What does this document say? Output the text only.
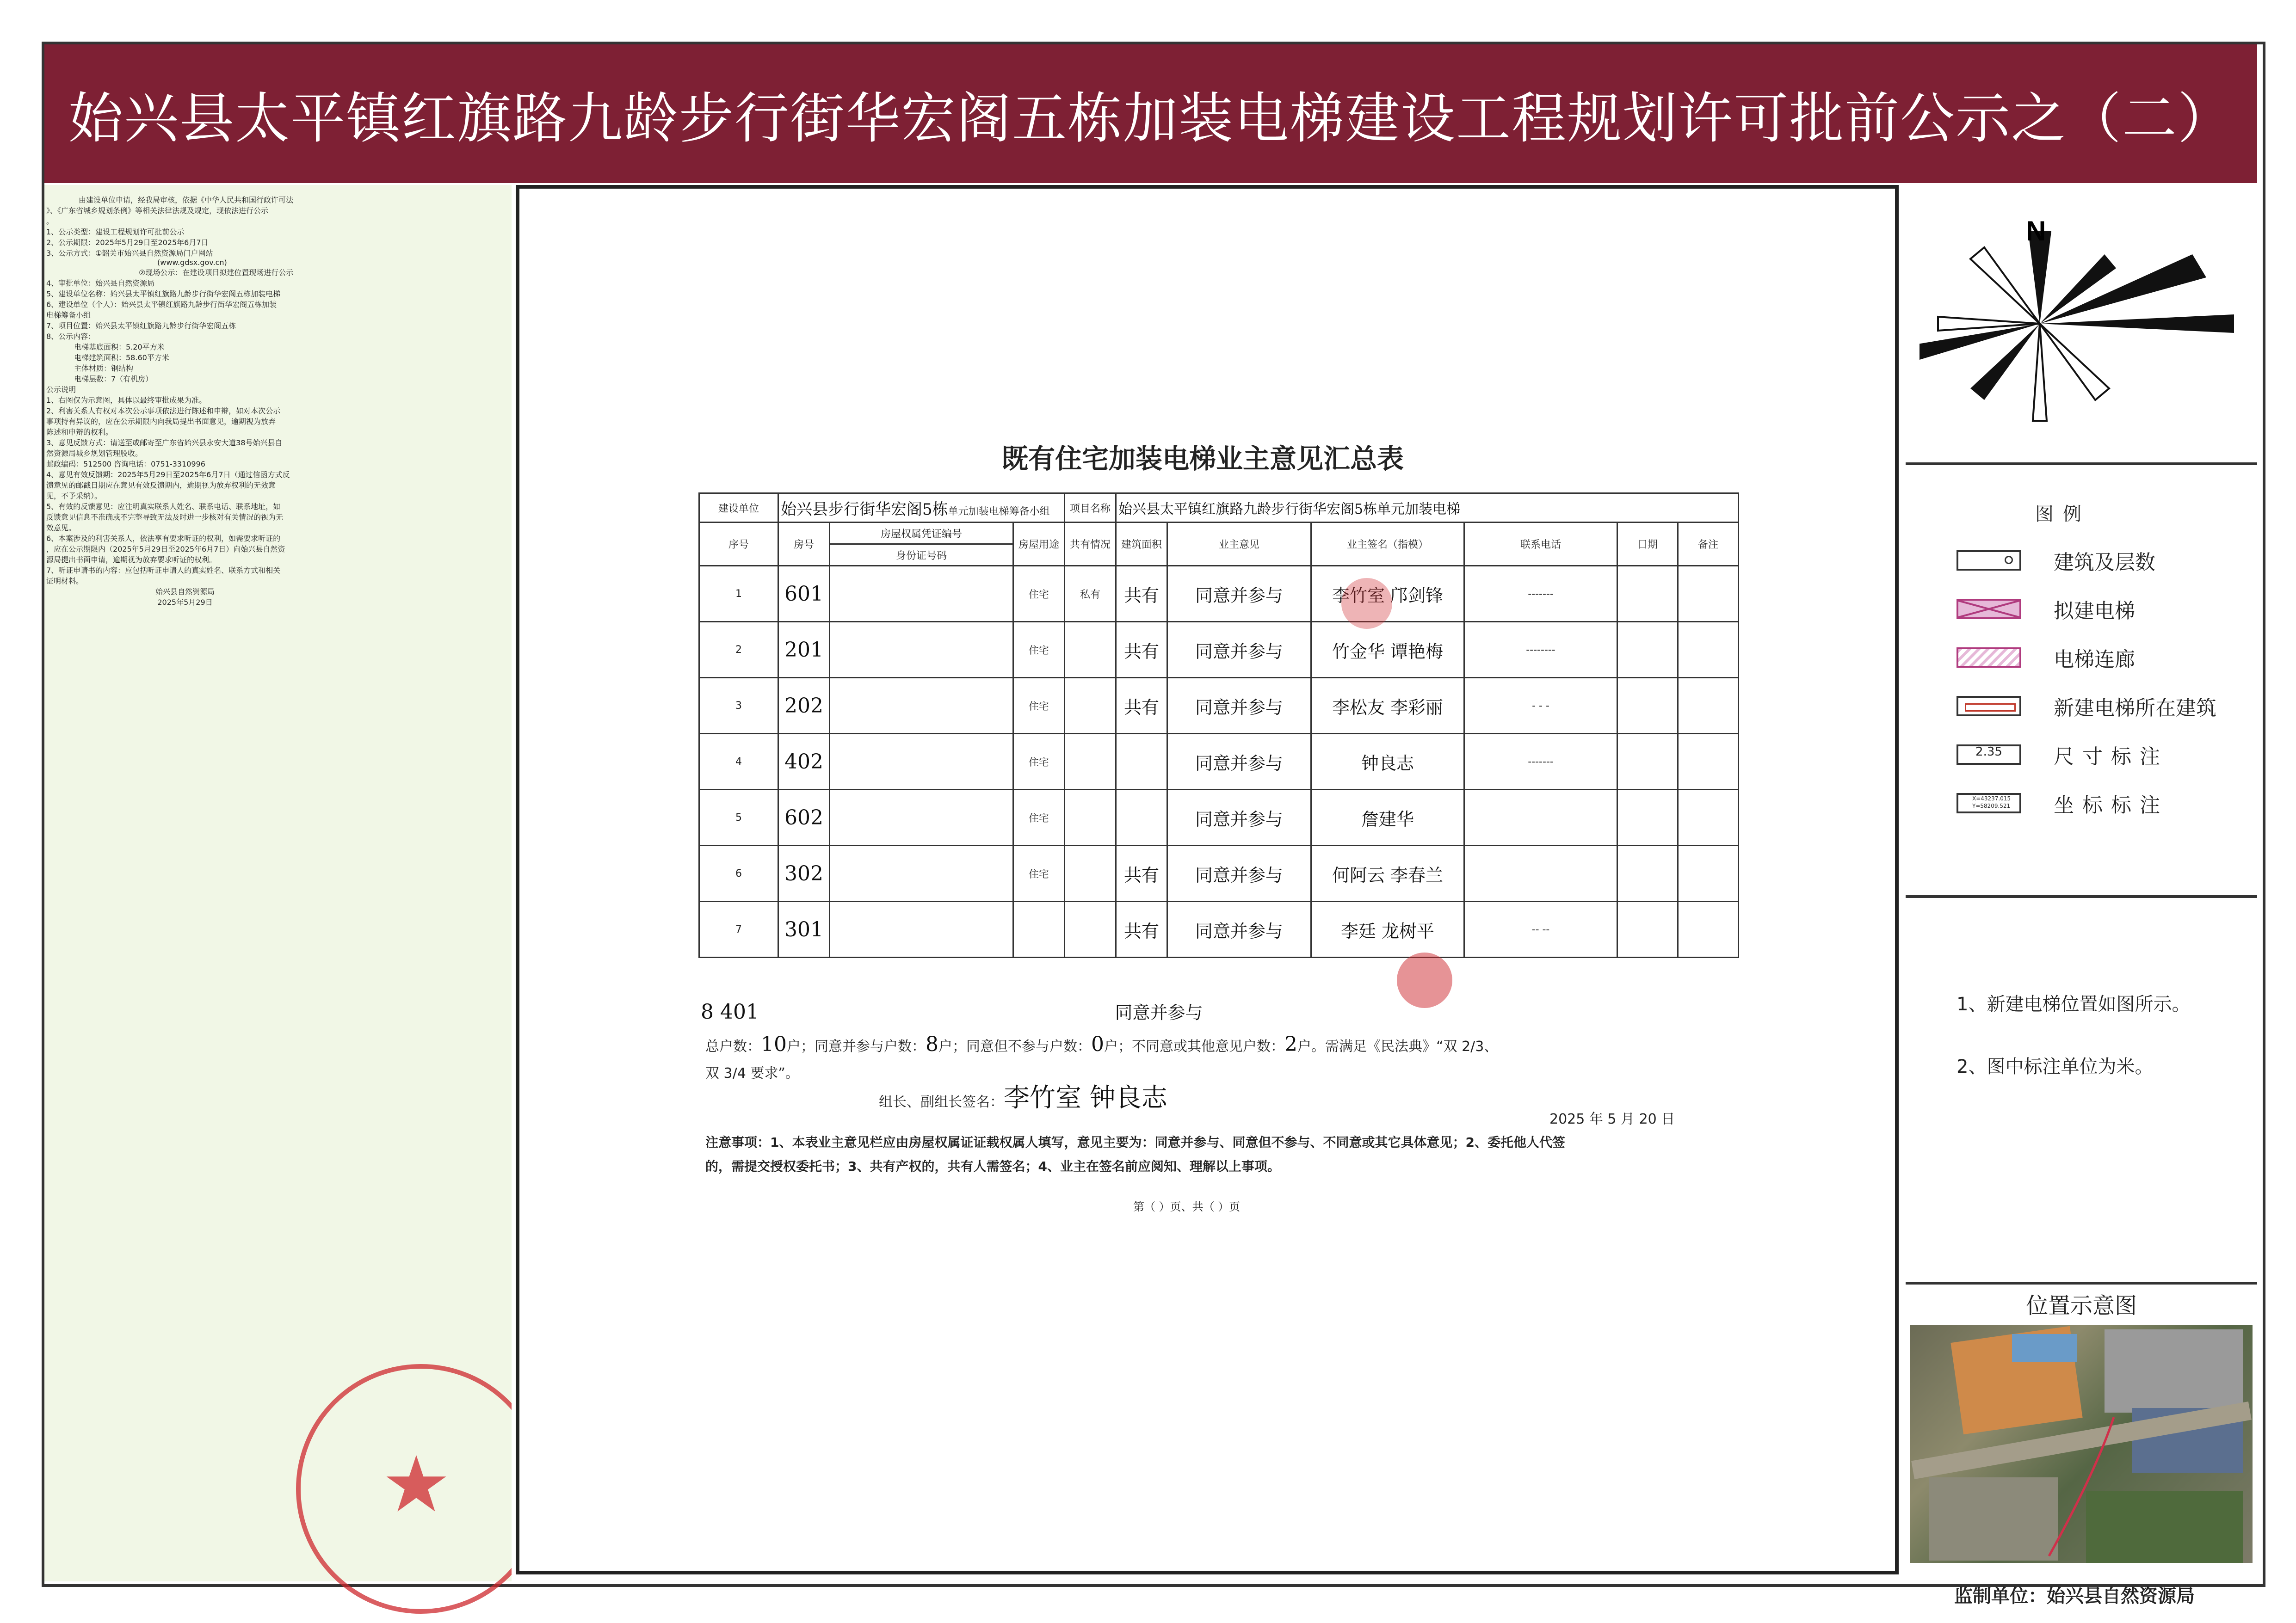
始兴县太平镇红旗路九龄步行街华宏阁五栋加装电梯建设工程规划许可批前公示之（二）
由建设单位申请，经我局审核，依据《中华人民共和国行政许可法
》、《广东省城乡规划条例》等相关法律法规及规定，现依法进行公示
。
1、公示类型：建设工程规划许可批前公示
2、公示期限：2025年5月29日至2025年6月7日
3、公示方式：①韶关市始兴县自然资源局门户网站
(www.gdsx.gov.cn)
②现场公示：在建设项目拟建位置现场进行公示
4、审批单位：始兴县自然资源局
5、建设单位名称：始兴县太平镇红旗路九龄步行街华宏阁五栋加装电梯
6、建设单位（个人）：始兴县太平镇红旗路九龄步行街华宏阁五栋加装
电梯筹备小组
7、项目位置：始兴县太平镇红旗路九龄步行街华宏阁五栋
8、公示内容：
电梯基底面积：5.20平方米
电梯建筑面积：58.60平方米
主体材质：钢结构
电梯层数：7（有机房）
公示说明
1、右图仅为示意图，具体以最终审批成果为准。
2、利害关系人有权对本次公示事项依法进行陈述和申辩，如对本次公示
事项持有异议的，应在公示期限内向我局提出书面意见，逾期视为放弃
陈述和申辩的权利。
3、意见反馈方式：请送至或邮寄至广东省始兴县永安大道38号始兴县自
然资源局城乡规划管理股收。
邮政编码：512500 咨询电话：0751-3310996
4、意见有效反馈期：2025年5月29日至2025年6月7日（通过信函方式反
馈意见的邮戳日期应在意见有效反馈期内，逾期视为放弃权利的无效意
见，不予采纳）。
5、有效的反馈意见：应注明真实联系人姓名、联系电话、联系地址，如
反馈意见信息不准确或不完整导致无法及时进一步核对有关情况的视为无
效意见。
6、本案涉及的利害关系人，依法享有要求听证的权利，如需要求听证的
，应在公示期限内（2025年5月29日至2025年6月7日）向始兴县自然资
源局提出书面申请，逾期视为放弃要求听证的权利。
7、听证申请书的内容：应包括听证申请人的真实姓名、联系方式和相关
证明材料。
始兴县自然资源局
2025年5月29日
既有住宅加装电梯业主意见汇总表
建设单位	始兴县步行街华宏阁5栋单元加装电梯筹备小组			项目名称	始兴县太平镇红旗路九龄步行街华宏阁5栋单元加装电梯					
序号	房号	房屋权属凭证编号	房屋用途	共有情况	建筑面积	业主意见	业主签名（指模）	联系电话	日期	备注
		身份证号码								
1	601		住宅	私有	共有	同意并参与	李竹室 邝剑锋	-------		
2	201		住宅		共有	同意并参与	竹金华 谭艳梅	--------		
3	202		住宅		共有	同意并参与	李松友 李彩丽	- - -		
4	402		住宅			同意并参与	钟良志	-------		
5	602		住宅			同意并参与	詹建华			
6	302		住宅		共有	同意并参与	何阿云 李春兰			
7	301				共有	同意并参与	李廷 龙树平	-- --		
8 401	同意并参与
总户数：10户；同意并参与户数：8户；同意但不参与户数：0户；不同意或其他意见户数：2户。需满足《民法典》“双 2/3、
双 3/4 要求”。
组长、副组长签名：李竹室 钟良志
2025 年 5 月 20 日
注意事项：1、本表业主意见栏应由房屋权属证证载权属人填写，意见主要为：同意并参与、同意但不参与、不同意或其它具体意见；2、委托他人代签
的，需提交授权委托书；3、共有产权的，共有人需签名；4、业主在签名前应阅知、理解以上事项。
第（ ）页、共（ ）页
N
图例
建筑及层数
拟建电梯
电梯连廊
新建电梯所在建筑
2.35	尺寸标注
X=43237.015
Y=58209.521	坐标标注
1、新建电梯位置如图所示。
2、图中标注单位为米。
位置示意图
监制单位：始兴县自然资源局
